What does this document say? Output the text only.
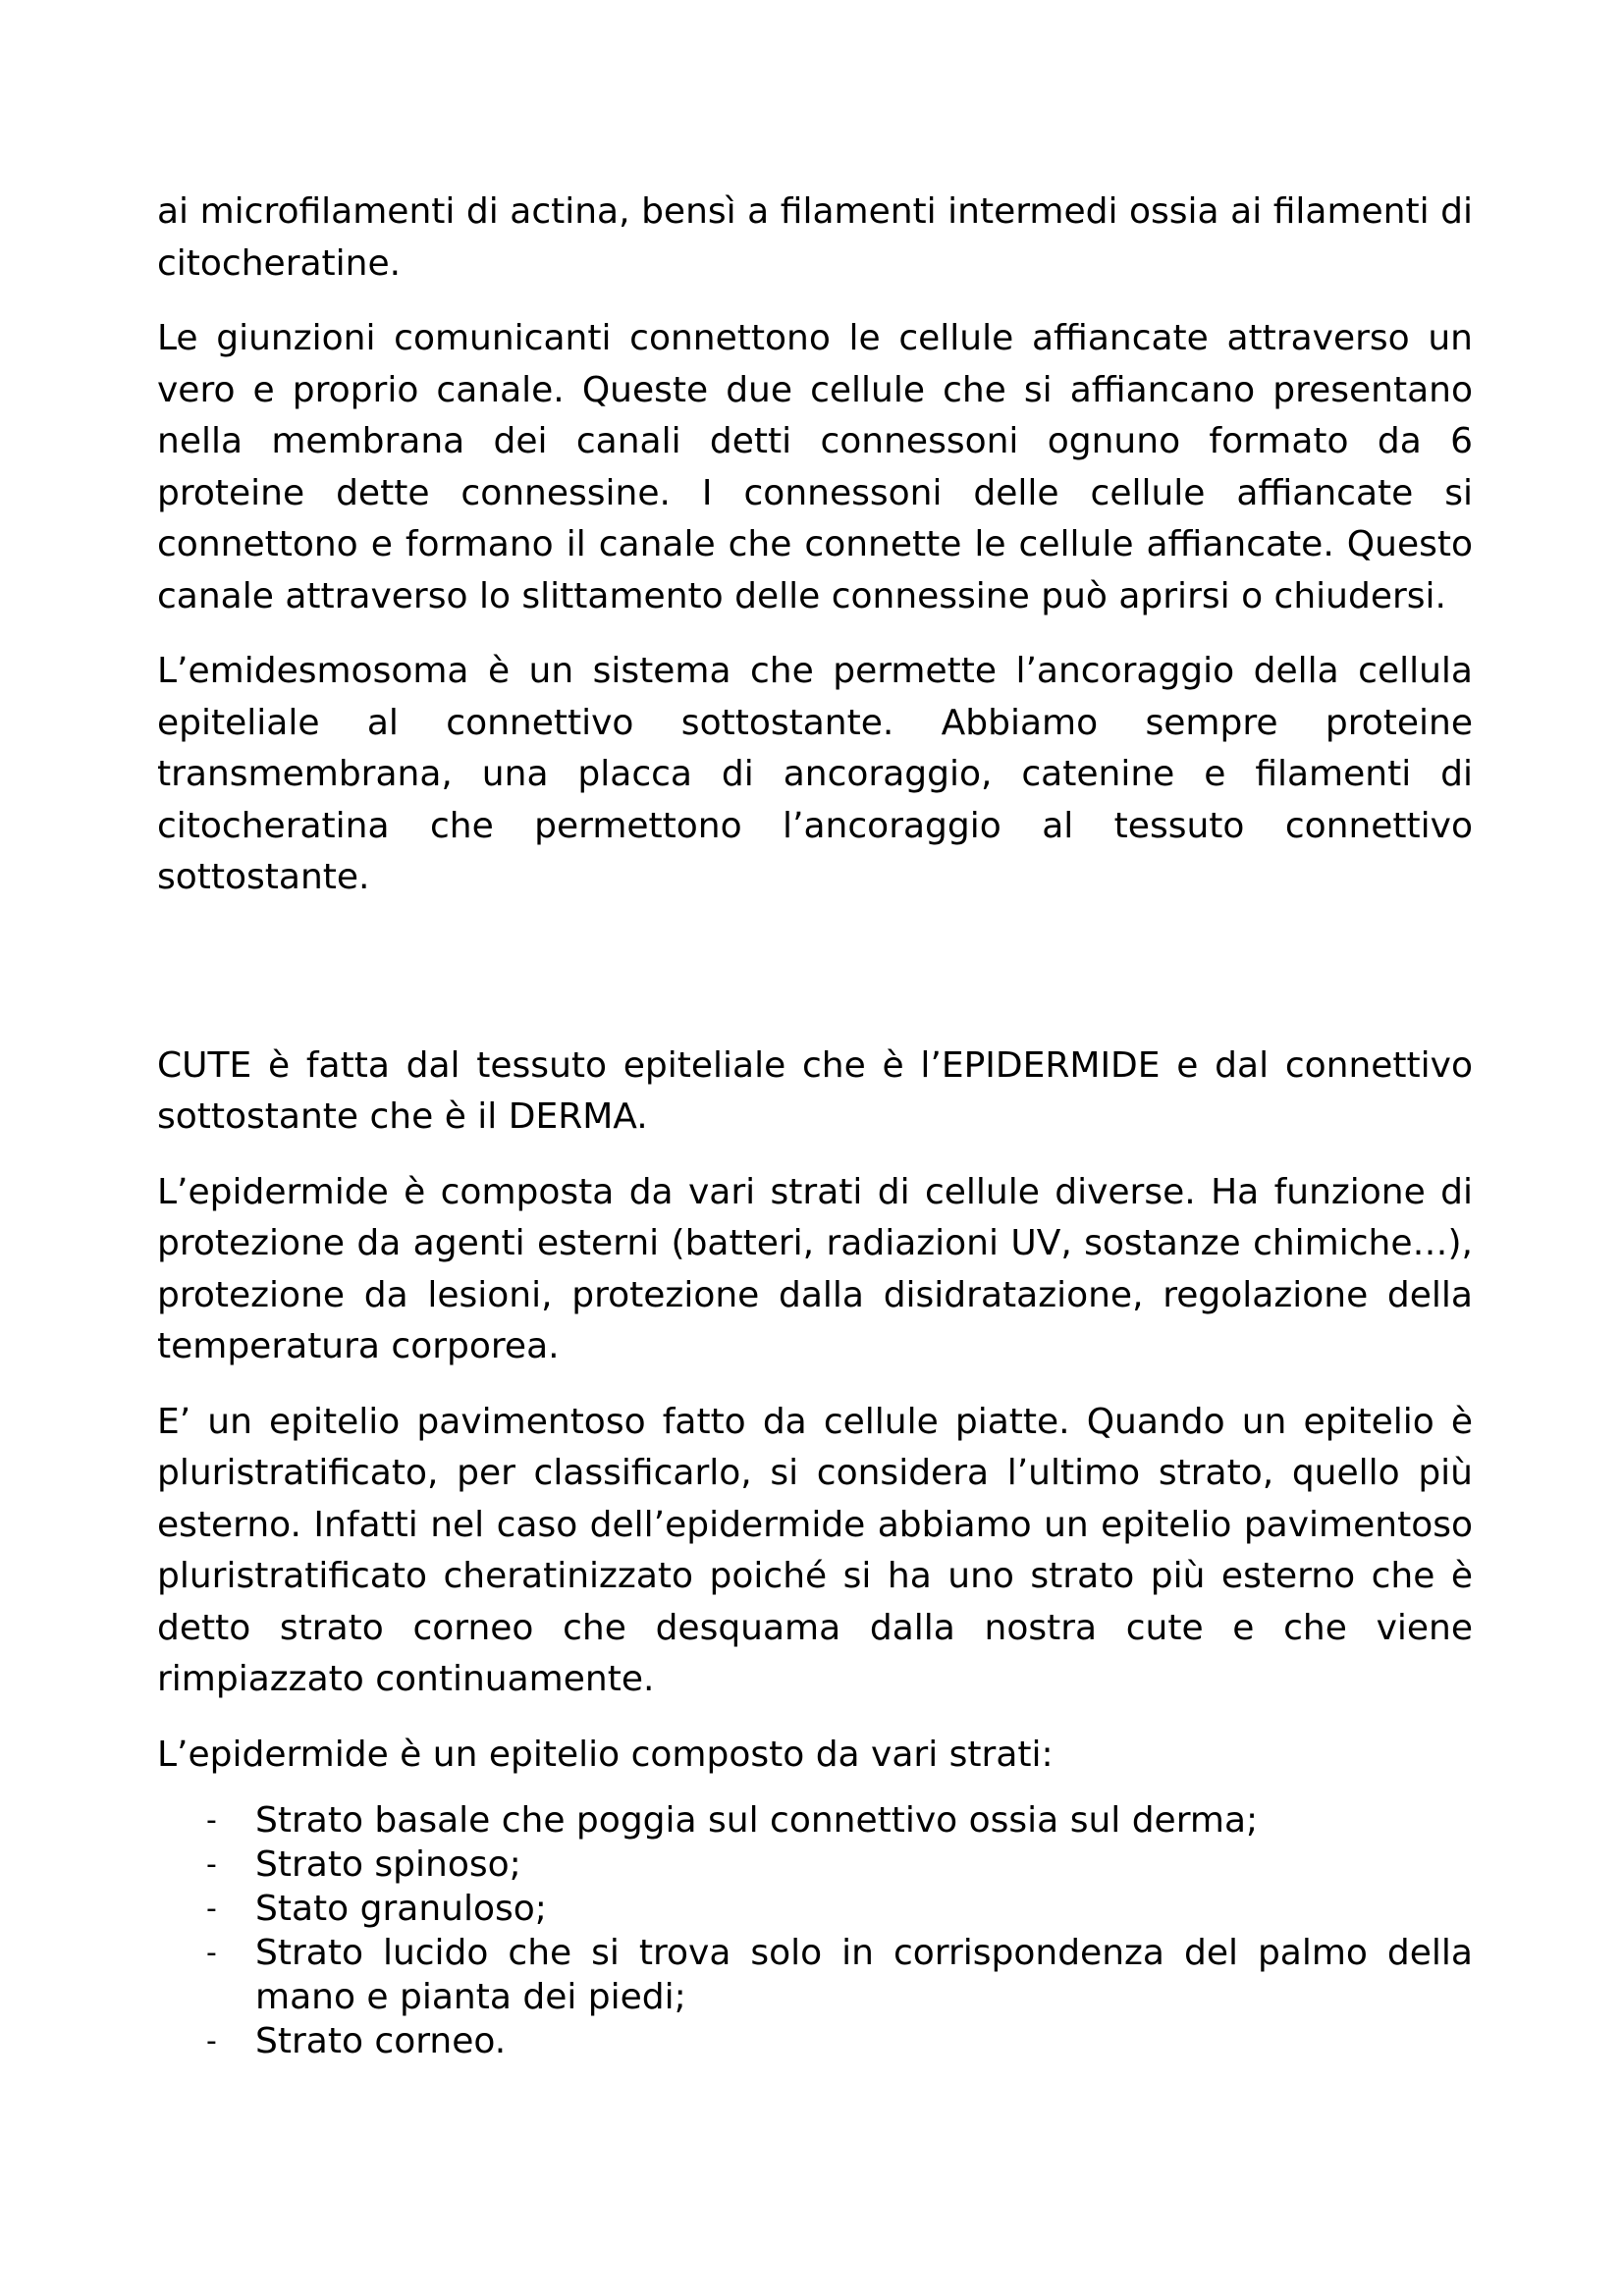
ai microfilamenti di actina, bensì a filamenti intermedi ossia ai filamenti di citocheratine.

Le giunzioni comunicanti connettono le cellule affiancate attraverso un vero e proprio canale. Queste due cellule che si affiancano presentano nella membrana dei canali detti connessoni ognuno formato da 6 proteine dette connessine. I connessoni delle cellule affiancate si connettono e formano il canale che connette le cellule affiancate. Questo canale attraverso lo slittamento delle connessine può aprirsi o chiudersi.

L’emidesmosoma è un sistema che permette l’ancoraggio della cellula epiteliale al connettivo sottostante. Abbiamo sempre proteine transmembrana, una placca di ancoraggio, catenine e filamenti di citocheratina che permettono l’ancoraggio al tessuto connettivo sottostante.

CUTE è fatta dal tessuto epiteliale che è l’EPIDERMIDE e dal connettivo sottostante che è il DERMA.

L’epidermide è composta da vari strati di cellule diverse. Ha funzione di protezione da agenti esterni (batteri, radiazioni UV, sostanze chimiche…), protezione da lesioni, protezione dalla disidratazione, regolazione della temperatura corporea.

E’ un epitelio pavimentoso fatto da cellule piatte. Quando un epitelio è pluristratificato, per classificarlo, si considera l’ultimo strato, quello più esterno. Infatti nel caso dell’epidermide abbiamo un epitelio pavimentoso pluristratificato cheratinizzato poiché si ha uno strato più esterno che è detto strato corneo che desquama dalla nostra cute e che viene rimpiazzato continuamente.

L’epidermide è un epitelio composto da vari strati:

- Strato basale che poggia sul connettivo ossia sul derma;
- Strato spinoso;
- Stato granuloso;
- Strato lucido che si trova solo in corrispondenza del palmo della mano e pianta dei piedi;
- Strato corneo.
